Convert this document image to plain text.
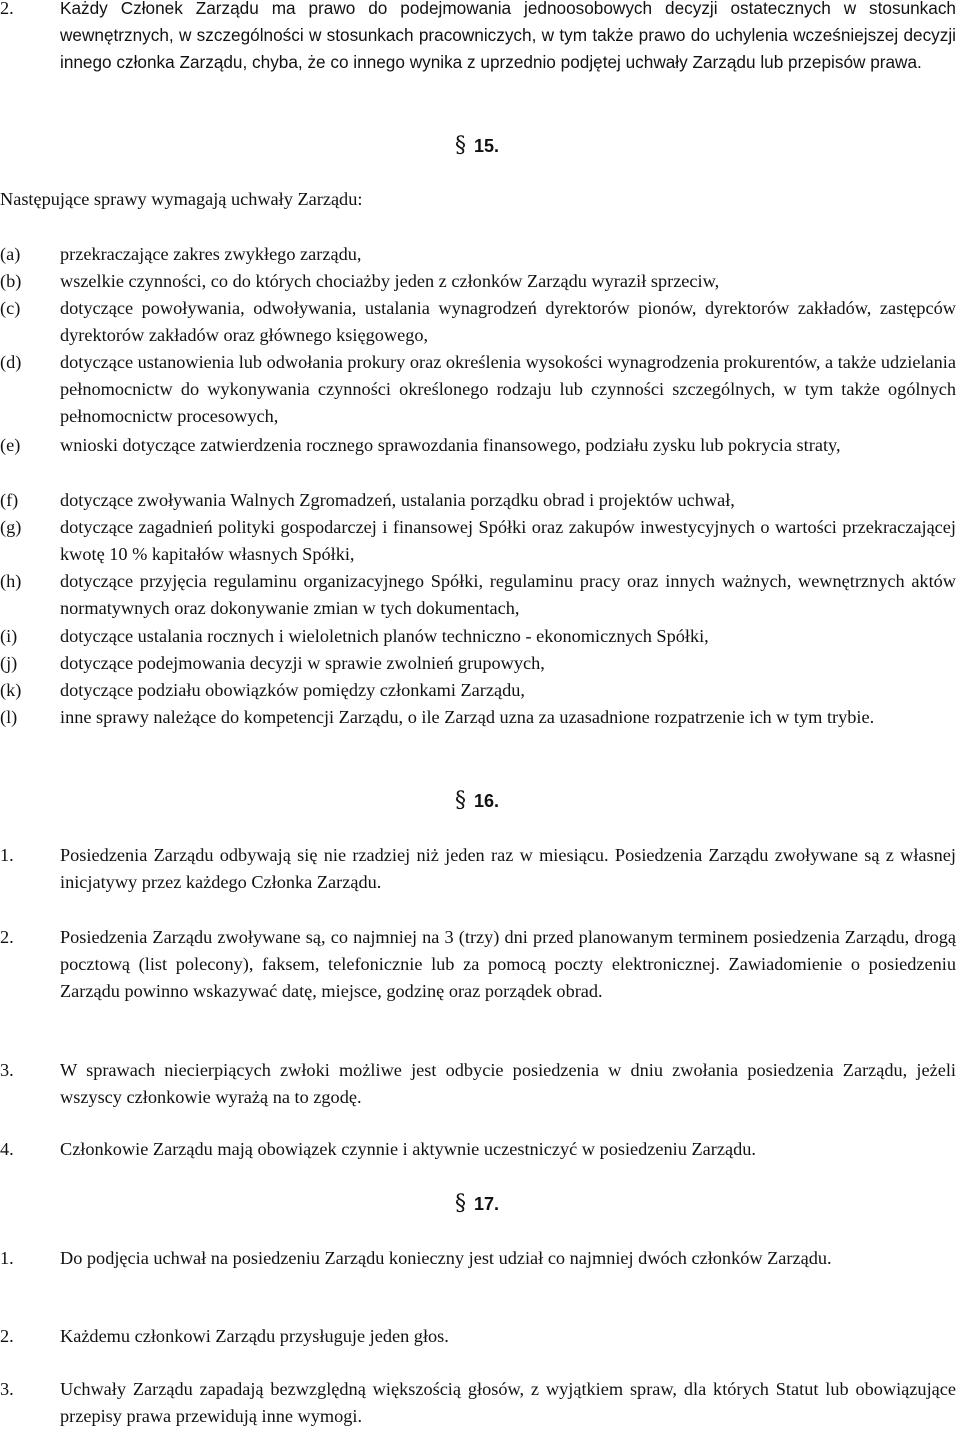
2.	Każdy Członek Zarządu ma prawo do podejmowania jednoosobowych decyzji ostatecznych w stosunkach wewnętrznych, w szczególności w stosunkach pracowniczych, w tym także prawo do uchylenia wcześniejszej decyzji innego członka Zarządu, chyba, że co innego wynika z uprzednio podjętej uchwały Zarządu lub przepisów prawa.

§ 15.
Następujące sprawy wymagają uchwały Zarządu:
(a) przekraczające zakres zwykłego zarządu,
(b) wszelkie czynności, co do których chociażby jeden z członków Zarządu wyraził sprzeciw,
(c) dotyczące powoływania, odwoływania, ustalania wynagrodzeń dyrektorów pionów, dyrektorów zakładów, zastępców dyrektorów zakładów oraz głównego księgowego,
(d) dotyczące ustanowienia lub odwołania prokury oraz określenia wysokości wynagrodzenia prokurentów, a także udzielania pełnomocnictw do wykonywania czynności określonego rodzaju lub czynności szczególnych, w tym także ogólnych pełnomocnictw procesowych,
(e) wnioski dotyczące zatwierdzenia rocznego sprawozdania finansowego, podziału zysku lub pokrycia straty,
(f) dotyczące zwoływania Walnych Zgromadzeń, ustalania porządku obrad i projektów uchwał,
(g) dotyczące zagadnień polityki gospodarczej i finansowej Spółki oraz zakupów inwestycyjnych o wartości przekraczającej kwotę 10 % kapitałów własnych Spółki,
(h) dotyczące przyjęcia regulaminu organizacyjnego Spółki, regulaminu pracy oraz innych ważnych, wewnętrznych aktów normatywnych oraz dokonywanie zmian w tych dokumentach,
(i) dotyczące ustalania rocznych i wieloletnich planów techniczno - ekonomicznych Spółki,
(j) dotyczące podejmowania decyzji w sprawie zwolnień grupowych,
(k) dotyczące podziału obowiązków pomiędzy członkami Zarządu,
(l) inne sprawy należące do kompetencji Zarządu, o ile Zarząd uzna za uzasadnione rozpatrzenie ich w tym trybie.
§ 16.
1.	Posiedzenia Zarządu odbywają się nie rzadziej niż jeden raz w miesiącu. Posiedzenia Zarządu zwoływane są z własnej inicjatywy przez każdego Członka Zarządu.

2.	Posiedzenia Zarządu zwoływane są, co najmniej na 3 (trzy) dni przed planowanym terminem posiedzenia Zarządu, drogą pocztową (list polecony), faksem, telefonicznie lub za pomocą poczty elektronicznej. Zawiadomienie o posiedzeniu Zarządu powinno wskazywać datę, miejsce, godzinę oraz porządek obrad.

3.	W sprawach niecierpiących zwłoki możliwe jest odbycie posiedzenia w dniu zwołania posiedzenia Zarządu, jeżeli wszyscy członkowie wyrażą na to zgodę.

4.	Członkowie Zarządu mają obowiązek czynnie i aktywnie uczestniczyć w posiedzeniu Zarządu.

§ 17.
1.	Do podjęcia uchwał na posiedzeniu Zarządu konieczny jest udział co najmniej dwóch członków Zarządu.

2.	Każdemu członkowi Zarządu przysługuje jeden głos.

3.	Uchwały Zarządu zapadają bezwzględną większością głosów, z wyjątkiem spraw, dla których Statut lub obowiązujące przepisy prawa przewidują inne wymogi.
